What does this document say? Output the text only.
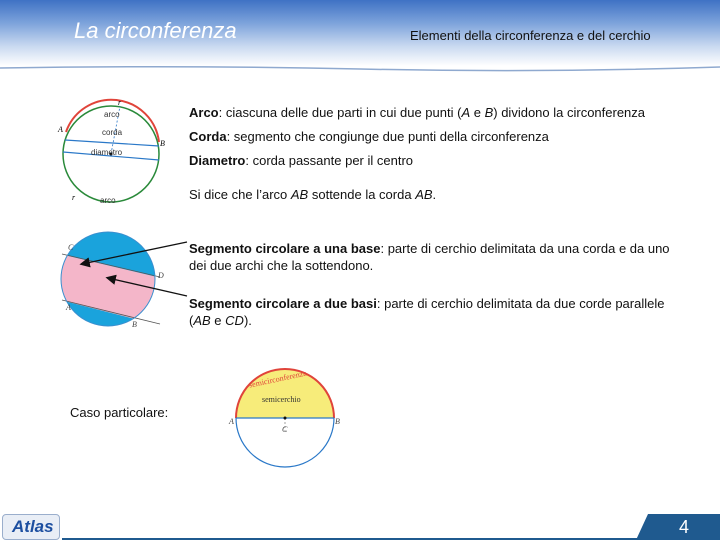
La circonferenza	Elementi della circonferenza e del cerchio
r
arco
corda
diametro
A
B
r	arco
Arco: ciascuna delle due parti in cui due punti (A e B) dividono la circonferenza
Corda: segmento che congiunge due punti della circonferenza
Diametro: corda passante per il centro
Si dice che l’arco AB sottende la corda AB.
C
D
A
B
Segmento circolare a una base: parte di cerchio delimitata da una corda e da uno dei due archi che la sottendono.
Segmento circolare a due basi: parte di cerchio delimitata da due corde parallele (AB e CD).
Caso particolare:
semicirconferenza
semicerchio
A	B
C
Atlas	4
